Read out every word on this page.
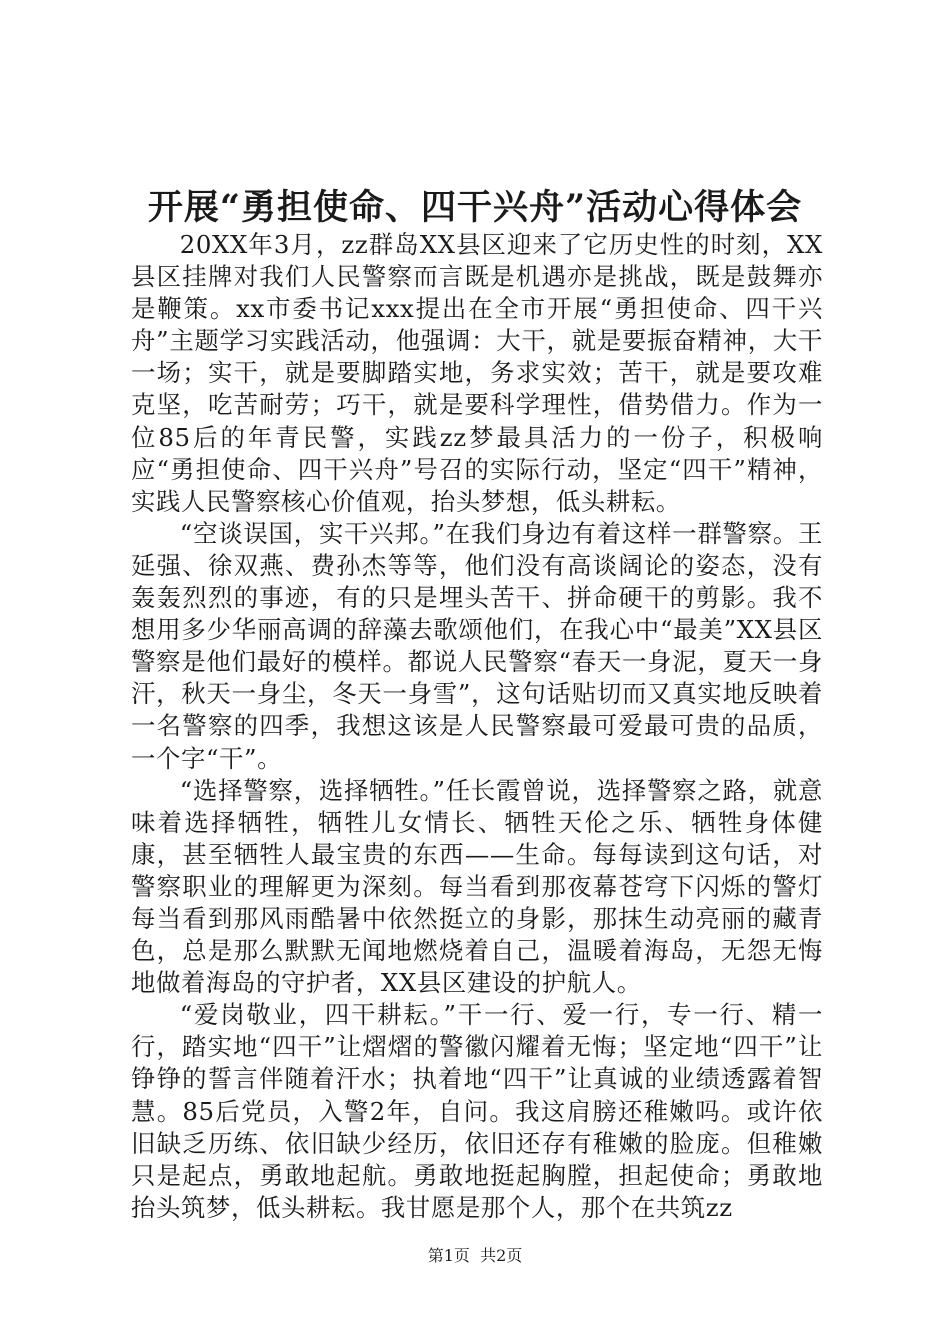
开展“勇担使命、四干兴舟”活动心得体会

20XX年3月，zz群岛XX县区迎来了它历史性的时刻，XX县区挂牌对我们人民警察而言既是机遇亦是挑战，既是鼓舞亦是鞭策。xx市委书记xxx提出在全市开展“勇担使命、四干兴舟”主题学习实践活动，他强调：大干，就是要振奋精神，大干一场；实干，就是要脚踏实地，务求实效；苦干，就是要攻难克坚，吃苦耐劳；巧干，就是要科学理性，借势借力。作为一位85后的年青民警，实践zz梦最具活力的一份子，积极响应“勇担使命、四干兴舟”号召的实际行动，坚定“四干”精神，实践人民警察核心价值观，抬头梦想，低头耕耘。

“空谈误国，实干兴邦。”在我们身边有着这样一群警察。王延强、徐双燕、费孙杰等等，他们没有高谈阔论的姿态，没有轰轰烈烈的事迹，有的只是埋头苦干、拼命硬干的剪影。我不想用多少华丽高调的辞藻去歌颂他们，在我心中“最美”XX县区警察是他们最好的模样。都说人民警察“春天一身泥，夏天一身汗，秋天一身尘，冬天一身雪”，这句话贴切而又真实地反映着一名警察的四季，我想这该是人民警察最可爱最可贵的品质，一个字“干”。

“选择警察，选择牺牲。”任长霞曾说，选择警察之路，就意味着选择牺牲，牺牲儿女情长、牺牲天伦之乐、牺牲身体健康，甚至牺牲人最宝贵的东西——生命。每每读到这句话，对警察职业的理解更为深刻。每当看到那夜幕苍穹下闪烁的警灯每当看到那风雨酷暑中依然挺立的身影，那抹生动亮丽的藏青色，总是那么默默无闻地燃烧着自己，温暖着海岛，无怨无悔地做着海岛的守护者，XX县区建设的护航人。

“爱岗敬业，四干耕耘。”干一行、爱一行，专一行、精一行，踏实地“四干”让熠熠的警徽闪耀着无悔；坚定地“四干”让铮铮的誓言伴随着汗水；执着地“四干”让真诚的业绩透露着智慧。85后党员，入警2年，自问。我这肩膀还稚嫩吗。或许依旧缺乏历练、依旧缺少经历，依旧还存有稚嫩的脸庞。但稚嫩只是起点，勇敢地起航。勇敢地挺起胸膛，担起使命；勇敢地抬头筑梦，低头耕耘。我甘愿是那个人，那个在共筑zz

第1页 共2页
